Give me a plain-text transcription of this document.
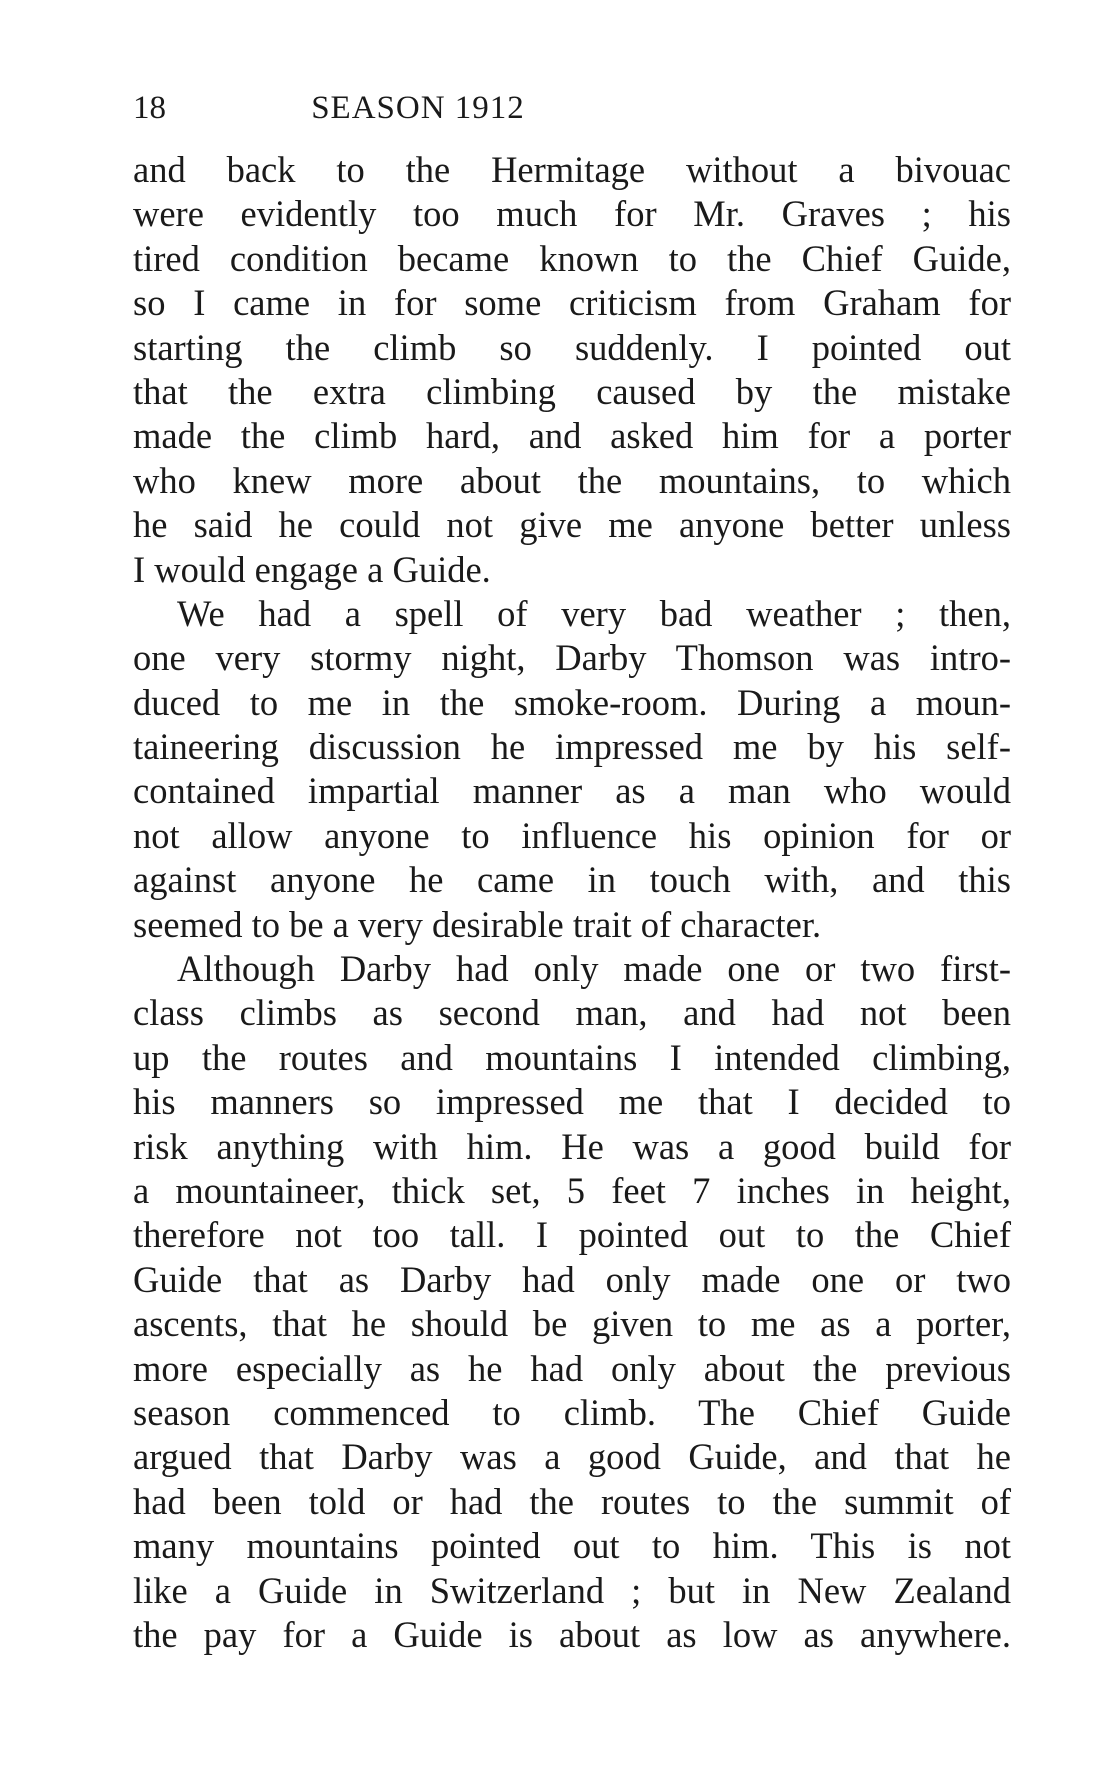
18	SEASON 1912
and back to the Hermitage without a bivouac
were evidently too much for Mr. Graves ; his
tired condition became known to the Chief Guide,
so I came in for some criticism from Graham for
starting the climb so suddenly. I pointed out
that the extra climbing caused by the mistake
made the climb hard, and asked him for a porter
who knew more about the mountains, to which
he said he could not give me anyone better unless
I would engage a Guide.
We had a spell of very bad weather ; then,
one very stormy night, Darby Thomson was intro-
duced to me in the smoke-room. During a moun-
taineering discussion he impressed me by his self-
contained impartial manner as a man who would
not allow anyone to influence his opinion for or
against anyone he came in touch with, and this
seemed to be a very desirable trait of character.
Although Darby had only made one or two first-
class climbs as second man, and had not been
up the routes and mountains I intended climbing,
his manners so impressed me that I decided to
risk anything with him. He was a good build for
a mountaineer, thick set, 5 feet 7 inches in height,
therefore not too tall. I pointed out to the Chief
Guide that as Darby had only made one or two
ascents, that he should be given to me as a porter,
more especially as he had only about the previous
season commenced to climb. The Chief Guide
argued that Darby was a good Guide, and that he
had been told or had the routes to the summit of
many mountains pointed out to him. This is not
like a Guide in Switzerland ; but in New Zealand
the pay for a Guide is about as low as anywhere.
